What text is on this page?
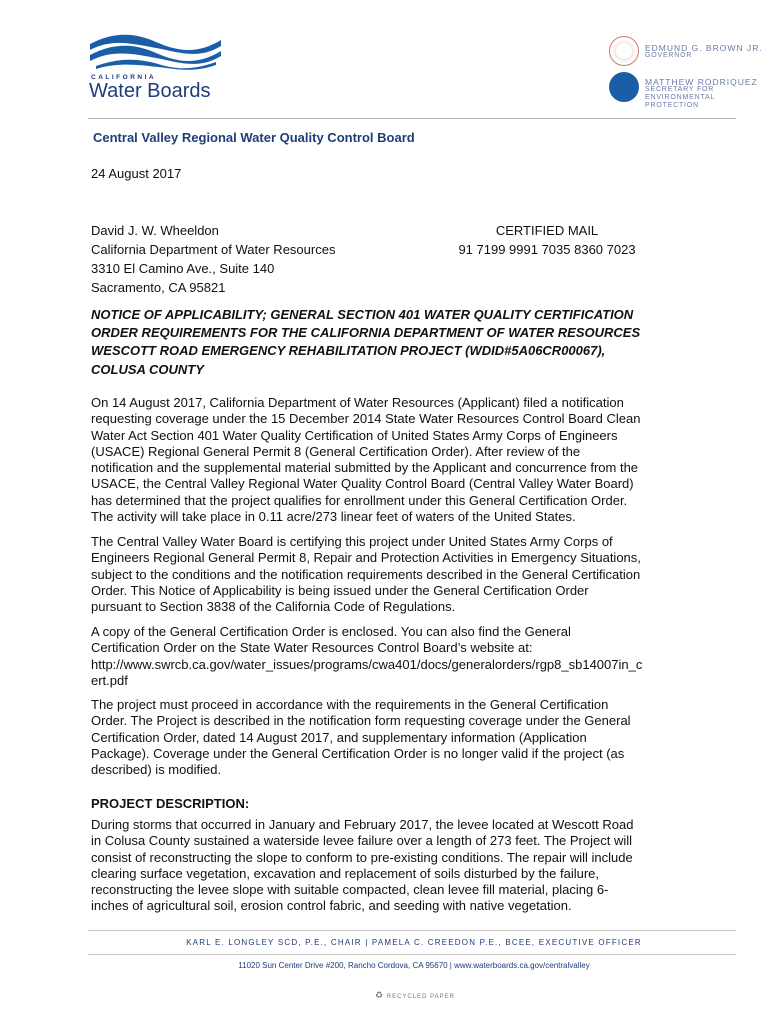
CALIFORNIA
Water Boards
EDMUND G. BROWN JR.
GOVERNOR
MATTHEW RODRIQUEZ
SECRETARY FOR
ENVIRONMENTAL PROTECTION
Central Valley Regional Water Quality Control Board
24 August 2017
David J. W. Wheeldon
California Department of Water Resources
3310 El Camino Ave., Suite 140
Sacramento, CA 95821
CERTIFIED MAIL
91 7199 9991 7035 8360 7023
NOTICE OF APPLICABILITY; GENERAL SECTION 401 WATER QUALITY CERTIFICATION
ORDER REQUIREMENTS FOR THE CALIFORNIA DEPARTMENT OF WATER RESOURCES
WESCOTT ROAD EMERGENCY REHABILITATION PROJECT (WDID#5A06CR00067),
COLUSA COUNTY
On 14 August 2017, California Department of Water Resources (Applicant) filed a notification
requesting coverage under the 15 December 2014 State Water Resources Control Board Clean
Water Act Section 401 Water Quality Certification of United States Army Corps of Engineers
(USACE) Regional General Permit 8 (General Certification Order). After review of the
notification and the supplemental material submitted by the Applicant and concurrence from the
USACE, the Central Valley Regional Water Quality Control Board (Central Valley Water Board)
has determined that the project qualifies for enrollment under this General Certification Order.
The activity will take place in 0.11 acre/273 linear feet of waters of the United States.
The Central Valley Water Board is certifying this project under United States Army Corps of
Engineers Regional General Permit 8, Repair and Protection Activities in Emergency Situations,
subject to the conditions and the notification requirements described in the General Certification
Order. This Notice of Applicability is being issued under the General Certification Order
pursuant to Section 3838 of the California Code of Regulations.
A copy of the General Certification Order is enclosed. You can also find the General
Certification Order on the State Water Resources Control Board’s website at:
http://www.swrcb.ca.gov/water_issues/programs/cwa401/docs/generalorders/rgp8_sb14007in_c
ert.pdf
The project must proceed in accordance with the requirements in the General Certification
Order. The Project is described in the notification form requesting coverage under the General
Certification Order, dated 14 August 2017, and supplementary information (Application
Package). Coverage under the General Certification Order is no longer valid if the project (as
described) is modified.
PROJECT DESCRIPTION:
During storms that occurred in January and February 2017, the levee located at Wescott Road
in Colusa County sustained a waterside levee failure over a length of 273 feet. The Project will
consist of reconstructing the slope to conform to pre-existing conditions. The repair will include
clearing surface vegetation, excavation and replacement of soils disturbed by the failure,
reconstructing the levee slope with suitable compacted, clean levee fill material, placing 6-
inches of agricultural soil, erosion control fabric, and seeding with native vegetation.
KARL E. LONGLEY SCD, P.E., CHAIR | PAMELA C. CREEDON P.E., BCEE, EXECUTIVE OFFICER
11020 Sun Center Drive #200, Rancho Cordova, CA 95670 | www.waterboards.ca.gov/centralvalley
♻ RECYCLED PAPER
